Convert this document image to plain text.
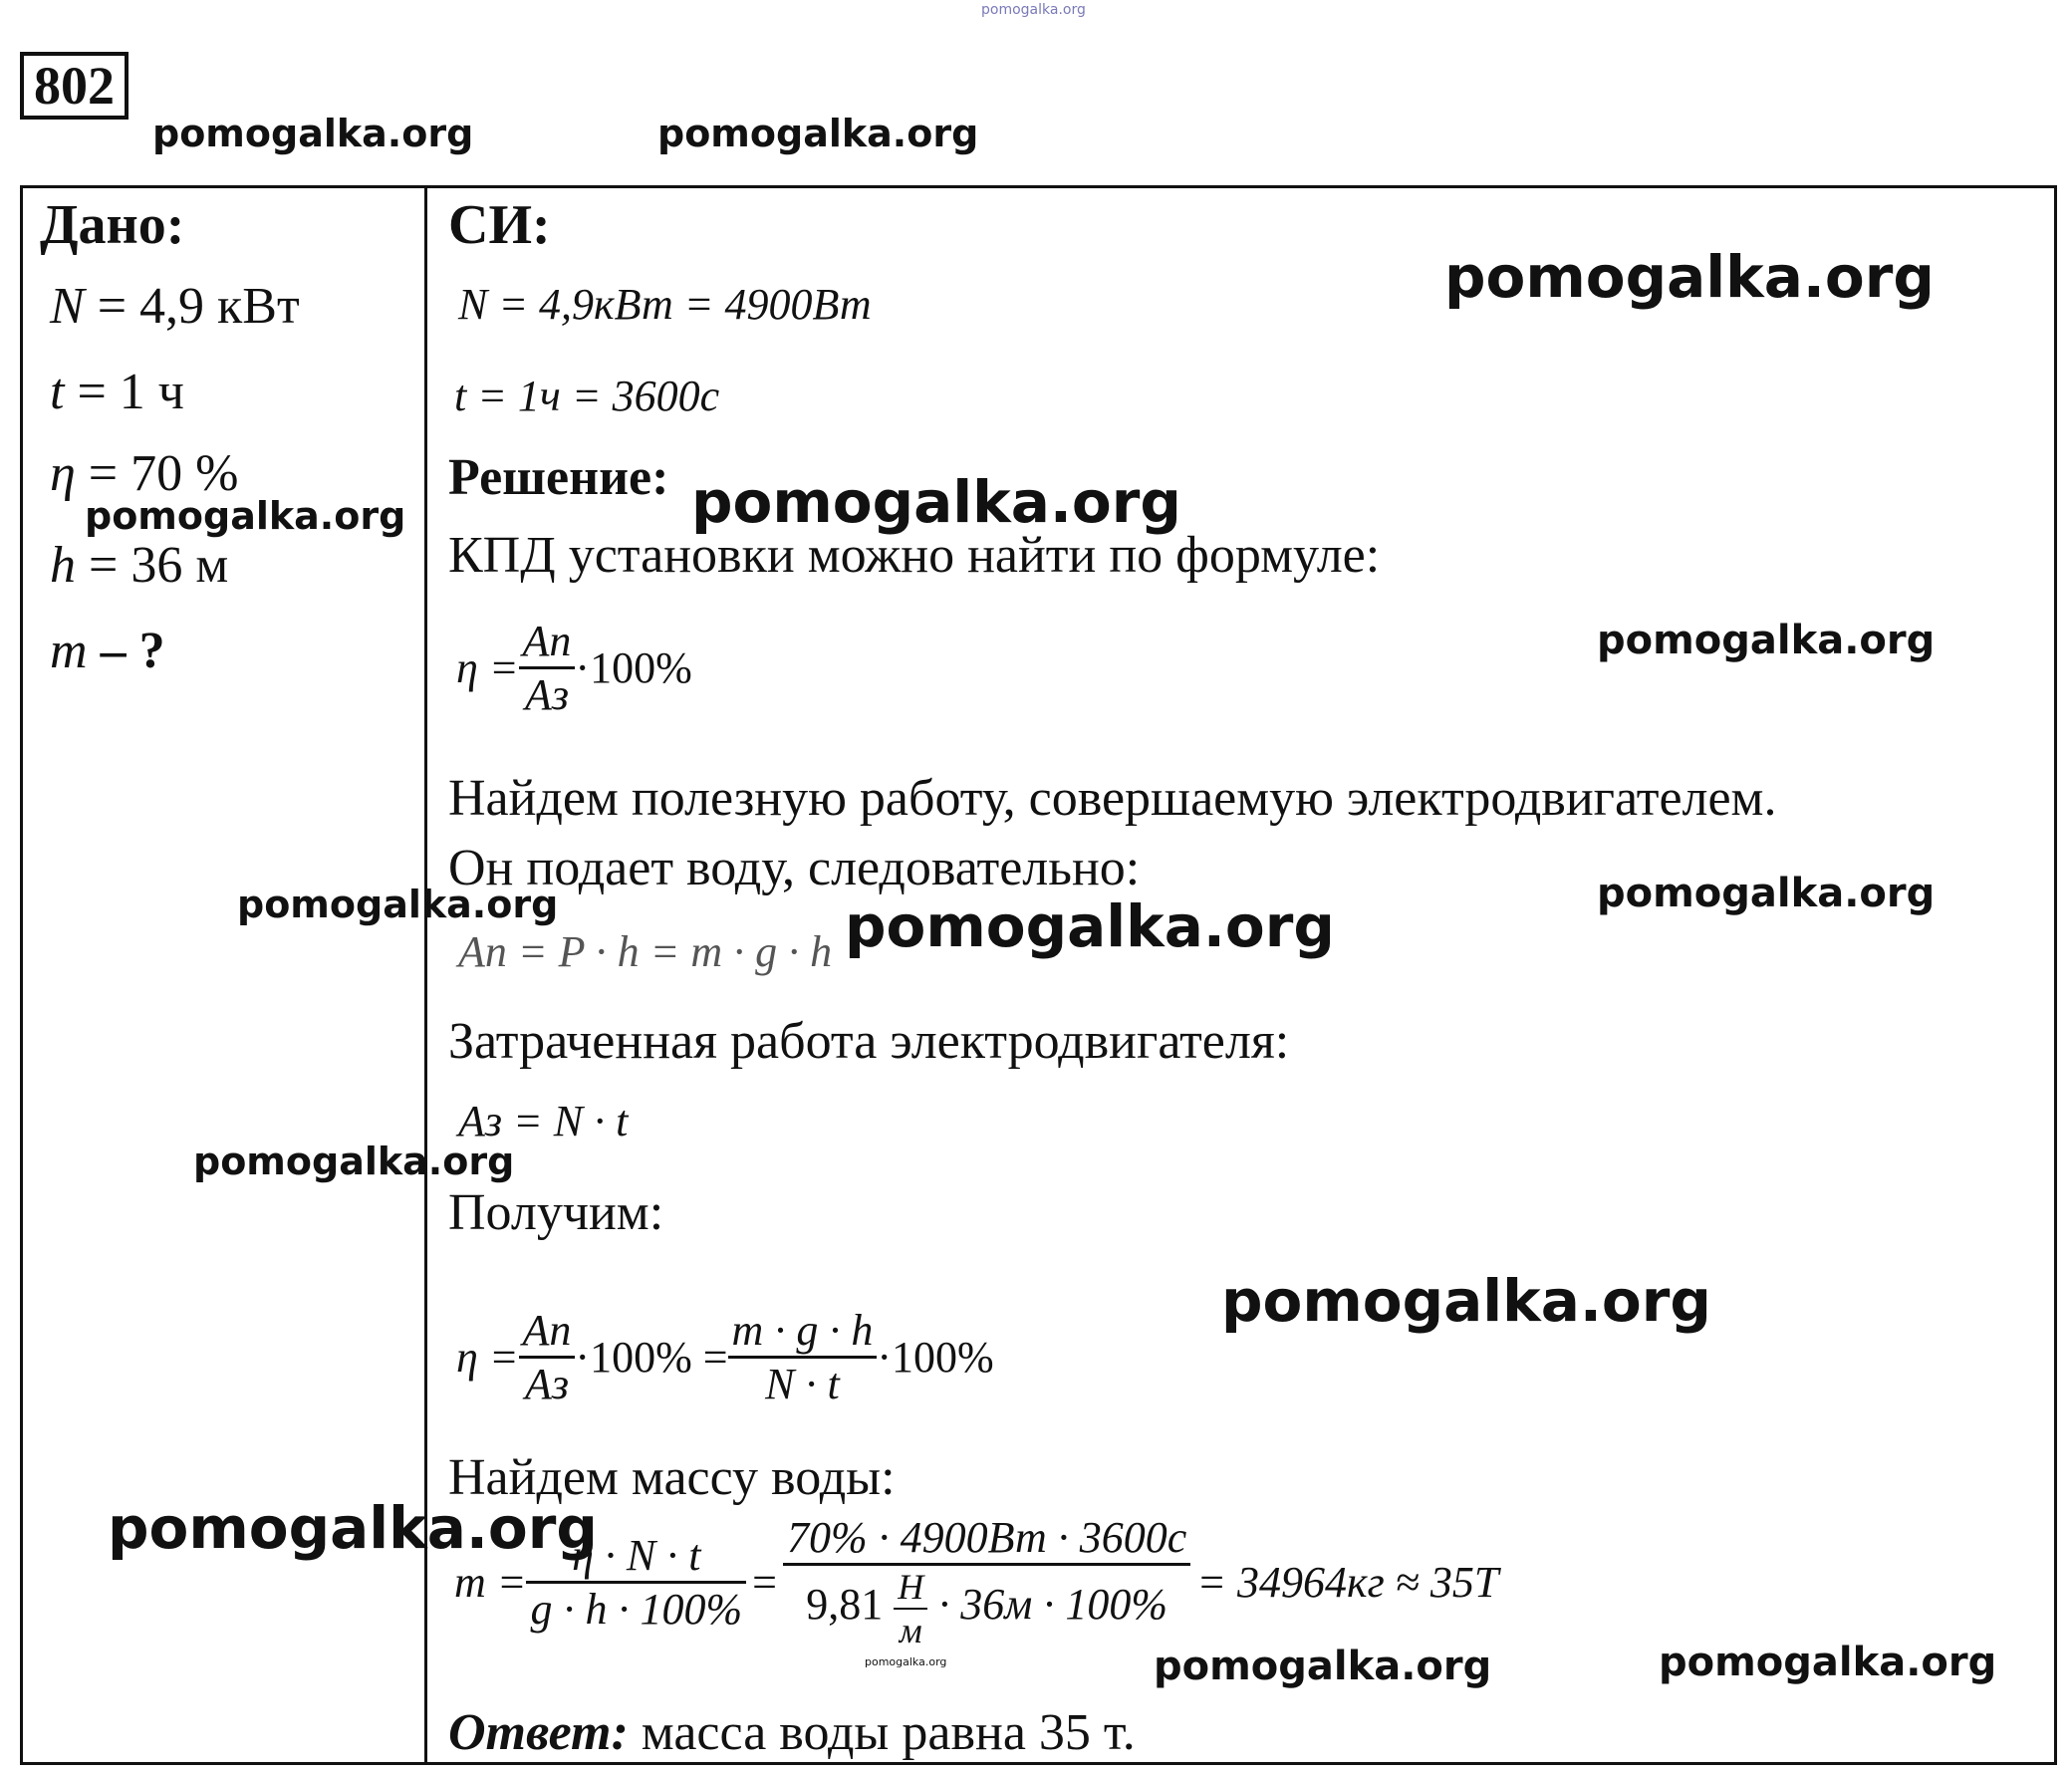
pomogalka.org
802
pomogalka.org	pomogalka.org
Дано:
N = 4,9 кВт
t = 1 ч
η = 70 %
pomogalka.org
h = 36 м
m – ?
СИ:
pomogalka.org
N = 4,9кВт = 4900Вт
t = 1ч = 3600с
Решение: pomogalka.org
КПД установки можно найти по формуле:
pomogalka.org
$\eta = \frac{Aп}{Aз} \cdot 100\%$
Найдем полезную работу, совершаемую электродвигателем.
Он подает воду, следовательно:
pomogalka.org	pomogalka.org
Aп = P · h = m · g · h pomogalka.org
Затраченная работа электродвигателя:
Aз = N · t
pomogalka.org
Получим:
pomogalka.org
$\eta = \frac{Aп}{Aз} \cdot 100\% = \frac{m \cdot g \cdot h}{N \cdot t} \cdot 100\%$
Найдем массу воды:
pomogalka.org
$m = \frac{\eta \cdot N \cdot t}{g \cdot h \cdot 100\%} = \frac{70\% \cdot 4900Вт \cdot 3600с}{9,81 \frac{Н}{м} \cdot 36м \cdot 100\%} = 34964кг \approx 35Т$
pomogalka.org	pomogalka.org	pomogalka.org
Ответ: масса воды равна 35 т.
